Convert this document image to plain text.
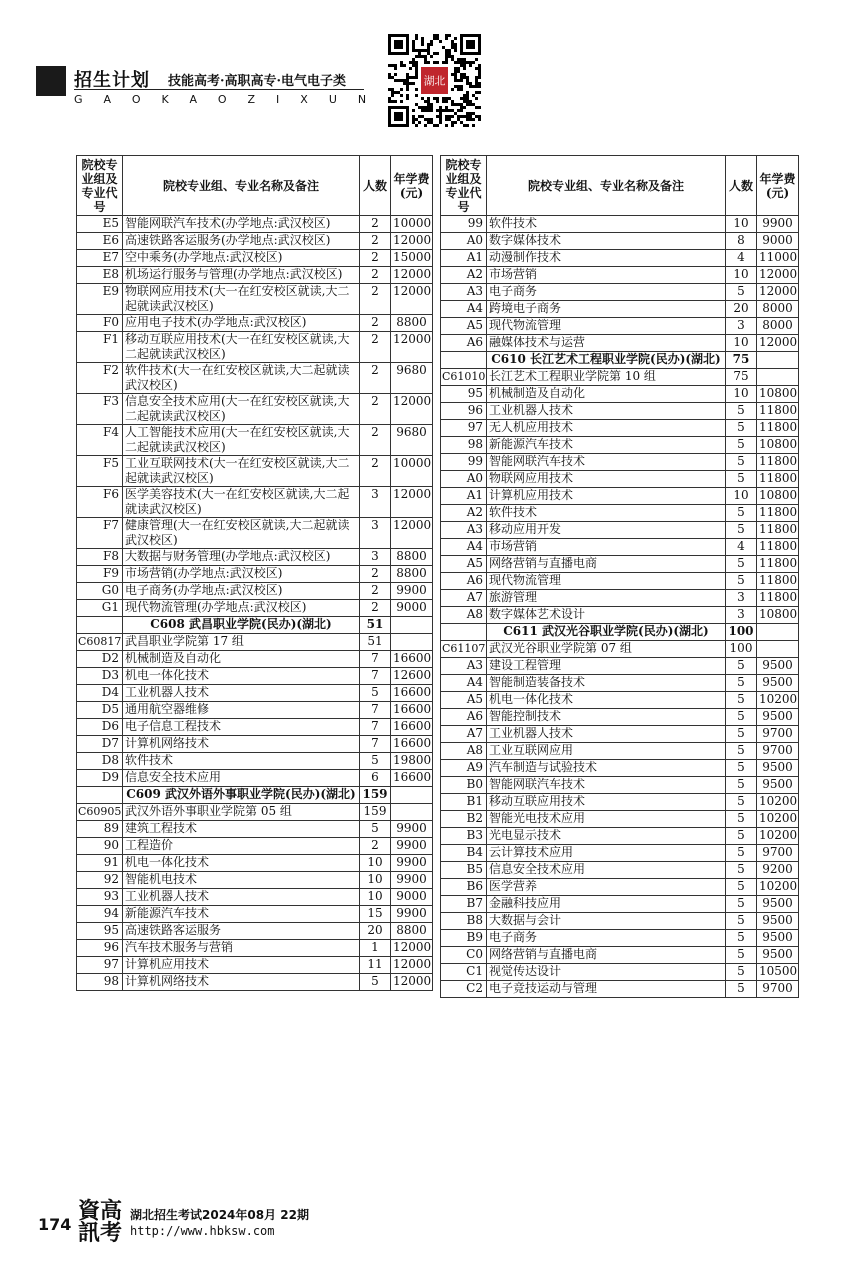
招生计划 技能高考·高职高专·电气电子类
GAOKAOZIXUN
湖北
院校专业组及专业代号	院校专业组、专业名称及备注	人数	年学费(元)
E5	智能网联汽车技术(办学地点:武汉校区)	2	10000
E6	高速铁路客运服务(办学地点:武汉校区)	2	12000
E7	空中乘务(办学地点:武汉校区)	2	15000
E8	机场运行服务与管理(办学地点:武汉校区)	2	12000
E9	物联网应用技术(大一在红安校区就读,大二起就读武汉校区)	2	12000
F0	应用电子技术(办学地点:武汉校区)	2	8800
F1	移动互联应用技术(大一在红安校区就读,大二起就读武汉校区)	2	12000
F2	软件技术(大一在红安校区就读,大二起就读武汉校区)	2	9680
F3	信息安全技术应用(大一在红安校区就读,大二起就读武汉校区)	2	12000
F4	人工智能技术应用(大一在红安校区就读,大二起就读武汉校区)	2	9680
F5	工业互联网技术(大一在红安校区就读,大二起就读武汉校区)	2	10000
F6	医学美容技术(大一在红安校区就读,大二起就读武汉校区)	3	12000
F7	健康管理(大一在红安校区就读,大二起就读武汉校区)	3	12000
F8	大数据与财务管理(办学地点:武汉校区)	3	8800
F9	市场营销(办学地点:武汉校区)	2	8800
G0	电子商务(办学地点:武汉校区)	2	9900
G1	现代物流管理(办学地点:武汉校区)	2	9000
	C608 武昌职业学院(民办)(湖北)	51	
C60817	武昌职业学院第 17 组	51	
D2	机械制造及自动化	7	16600
D3	机电一体化技术	7	12600
D4	工业机器人技术	5	16600
D5	通用航空器维修	7	16600
D6	电子信息工程技术	7	16600
D7	计算机网络技术	7	16600
D8	软件技术	5	19800
D9	信息安全技术应用	6	16600
	C609 武汉外语外事职业学院(民办)(湖北)	159	
C60905	武汉外语外事职业学院第 05 组	159	
89	建筑工程技术	5	9900
90	工程造价	2	9900
91	机电一体化技术	10	9900
92	智能机电技术	10	9900
93	工业机器人技术	10	9000
94	新能源汽车技术	15	9900
95	高速铁路客运服务	20	8800
96	汽车技术服务与营销	1	12000
97	计算机应用技术	11	12000
98	计算机网络技术	5	12000
院校专业组及专业代号	院校专业组、专业名称及备注	人数	年学费(元)
99	软件技术	10	9900
A0	数字媒体技术	8	9000
A1	动漫制作技术	4	11000
A2	市场营销	10	12000
A3	电子商务	5	12000
A4	跨境电子商务	20	8000
A5	现代物流管理	3	8000
A6	融媒体技术与运营	10	12000
	C610 长江艺术工程职业学院(民办)(湖北)	75	
C61010	长江艺术工程职业学院第 10 组	75	
95	机械制造及自动化	10	10800
96	工业机器人技术	5	11800
97	无人机应用技术	5	11800
98	新能源汽车技术	5	10800
99	智能网联汽车技术	5	11800
A0	物联网应用技术	5	11800
A1	计算机应用技术	10	10800
A2	软件技术	5	11800
A3	移动应用开发	5	11800
A4	市场营销	4	11800
A5	网络营销与直播电商	5	11800
A6	现代物流管理	5	11800
A7	旅游管理	3	11800
A8	数字媒体艺术设计	3	10800
	C611 武汉光谷职业学院(民办)(湖北)	100	
C61107	武汉光谷职业学院第 07 组	100	
A3	建设工程管理	5	9500
A4	智能制造装备技术	5	9500
A5	机电一体化技术	5	10200
A6	智能控制技术	5	9500
A7	工业机器人技术	5	9700
A8	工业互联网应用	5	9700
A9	汽车制造与试验技术	5	9500
B0	智能网联汽车技术	5	9500
B1	移动互联应用技术	5	10200
B2	智能光电技术应用	5	10200
B3	光电显示技术	5	10200
B4	云计算技术应用	5	9700
B5	信息安全技术应用	5	9200
B6	医学营养	5	10200
B7	金融科技应用	5	9500
B8	大数据与会计	5	9500
B9	电子商务	5	9500
C0	网络营销与直播电商	5	9500
C1	视觉传达设计	5	10500
C2	电子竞技运动与管理	5	9700
174
資高訊考
湖北招生考试2024年08月 22期
http://www.hbksw.com
